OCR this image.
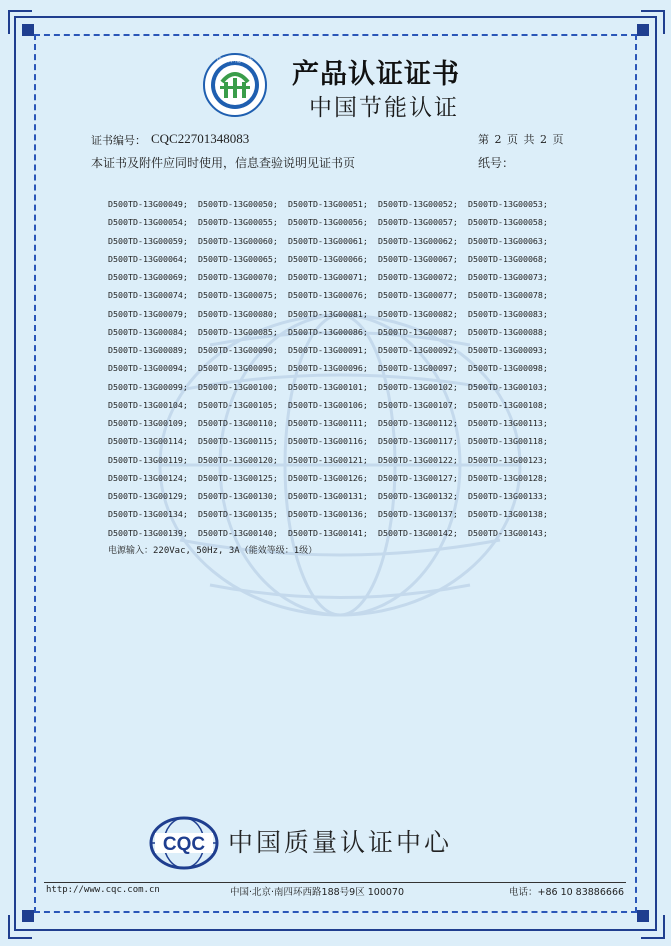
中国节能认证 产品认证证书
中国节能认证
证书编号： CQC22701348083	第 2 页 共 2 页
本证书及附件应同时使用，信息查验说明见证书页	纸号：
D500TD-13G00049; D500TD-13G00050; D500TD-13G00051; D500TD-13G00052; D500TD-13G00053;
D500TD-13G00054; D500TD-13G00055; D500TD-13G00056; D500TD-13G00057; D500TD-13G00058;
D500TD-13G00059; D500TD-13G00060; D500TD-13G00061; D500TD-13G00062; D500TD-13G00063;
D500TD-13G00064; D500TD-13G00065; D500TD-13G00066; D500TD-13G00067; D500TD-13G00068;
D500TD-13G00069; D500TD-13G00070; D500TD-13G00071; D500TD-13G00072; D500TD-13G00073;
D500TD-13G00074; D500TD-13G00075; D500TD-13G00076; D500TD-13G00077; D500TD-13G00078;
D500TD-13G00079; D500TD-13G00080; D500TD-13G00081; D500TD-13G00082; D500TD-13G00083;
D500TD-13G00084; D500TD-13G00085; D500TD-13G00086; D500TD-13G00087; D500TD-13G00088;
D500TD-13G00089; D500TD-13G00090; D500TD-13G00091; D500TD-13G00092; D500TD-13G00093;
D500TD-13G00094; D500TD-13G00095; D500TD-13G00096; D500TD-13G00097; D500TD-13G00098;
D500TD-13G00099; D500TD-13G00100; D500TD-13G00101; D500TD-13G00102; D500TD-13G00103;
D500TD-13G00104; D500TD-13G00105; D500TD-13G00106; D500TD-13G00107; D500TD-13G00108;
D500TD-13G00109; D500TD-13G00110; D500TD-13G00111; D500TD-13G00112; D500TD-13G00113;
D500TD-13G00114; D500TD-13G00115; D500TD-13G00116; D500TD-13G00117; D500TD-13G00118;
D500TD-13G00119; D500TD-13G00120; D500TD-13G00121; D500TD-13G00122; D500TD-13G00123;
D500TD-13G00124; D500TD-13G00125; D500TD-13G00126; D500TD-13G00127; D500TD-13G00128;
D500TD-13G00129; D500TD-13G00130; D500TD-13G00131; D500TD-13G00132; D500TD-13G00133;
D500TD-13G00134; D500TD-13G00135; D500TD-13G00136; D500TD-13G00137; D500TD-13G00138;
D500TD-13G00139; D500TD-13G00140; D500TD-13G00141; D500TD-13G00142; D500TD-13G00143;
电源输入：220Vac, 50Hz, 3A（能效等级：1级）
CQC 中国质量认证中心
http://www.cqc.com.cn	中国·北京·南四环西路188号9区 100070	电话：+86 10 83886666
